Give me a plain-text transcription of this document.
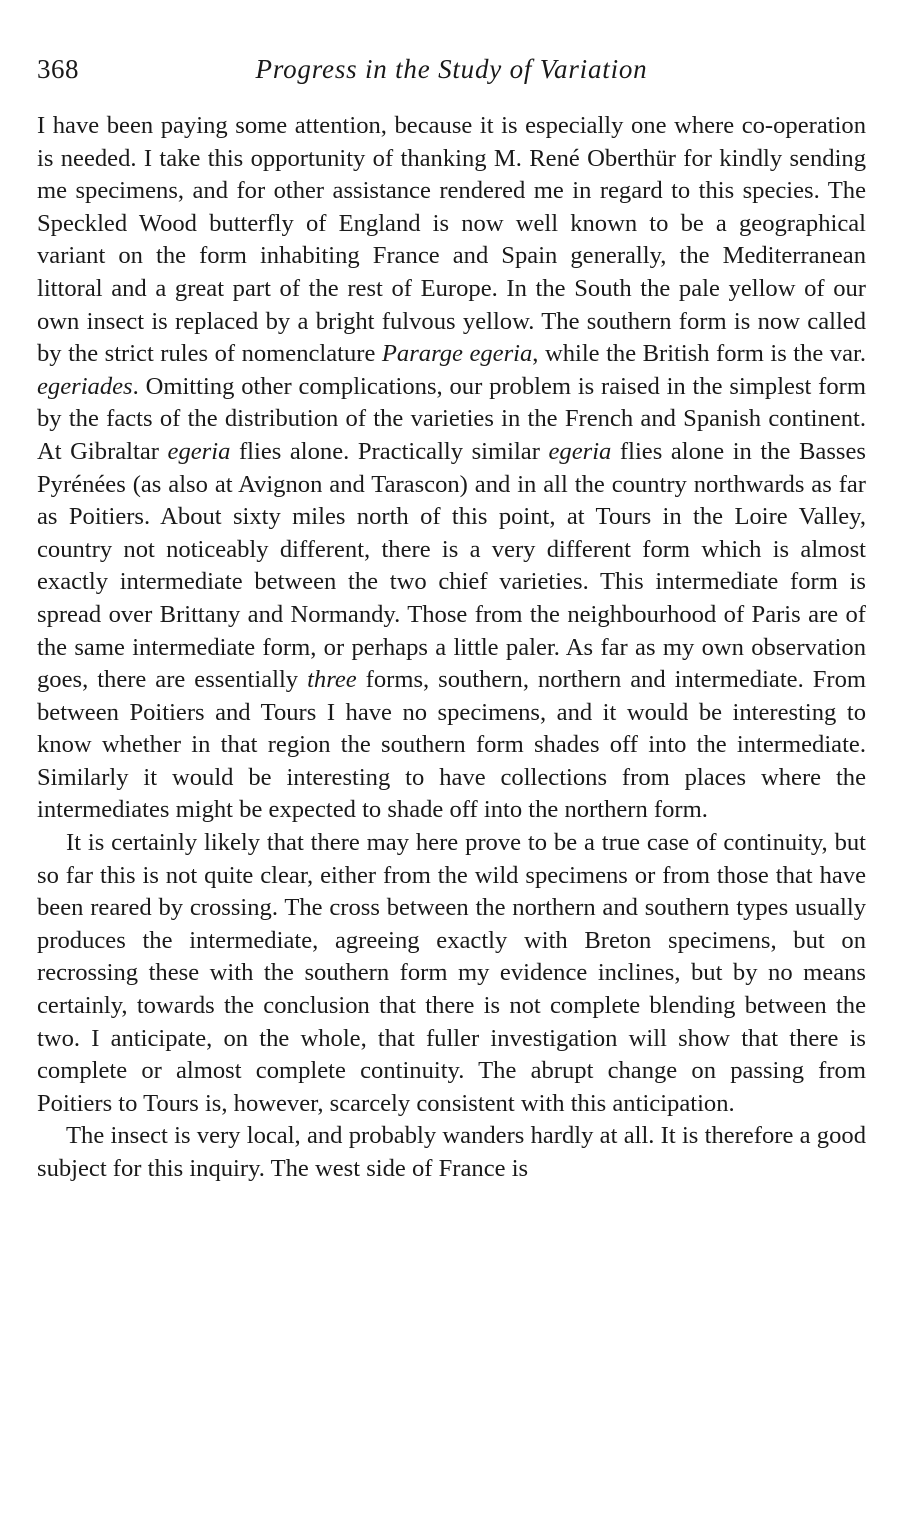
368	Progress in the Study of Variation

I have been paying some attention, because it is especially one where co-operation is needed. I take this opportunity of thanking M. René Oberthür for kindly sending me specimens, and for other assistance rendered me in regard to this species. The Speckled Wood butterfly of England is now well known to be a geographical variant on the form inhabiting France and Spain generally, the Mediterranean littoral and a great part of the rest of Europe. In the South the pale yellow of our own insect is replaced by a bright fulvous yellow. The southern form is now called by the strict rules of nomenclature Pararge egeria, while the British form is the var. egeriades. Omitting other complications, our problem is raised in the simplest form by the facts of the distribution of the varieties in the French and Spanish continent. At Gibraltar egeria flies alone. Practically similar egeria flies alone in the Basses Pyrénées (as also at Avignon and Tarascon) and in all the country northwards as far as Poitiers. About sixty miles north of this point, at Tours in the Loire Valley, country not noticeably different, there is a very different form which is almost exactly intermediate between the two chief varieties. This intermediate form is spread over Brittany and Normandy. Those from the neighbourhood of Paris are of the same intermediate form, or perhaps a little paler. As far as my own observation goes, there are essentially three forms, southern, northern and intermediate. From between Poitiers and Tours I have no specimens, and it would be interesting to know whether in that region the southern form shades off into the intermediate. Similarly it would be interesting to have collections from places where the intermediates might be expected to shade off into the northern form.

It is certainly likely that there may here prove to be a true case of continuity, but so far this is not quite clear, either from the wild specimens or from those that have been reared by crossing. The cross between the northern and southern types usually produces the intermediate, agreeing exactly with Breton specimens, but on recrossing these with the southern form my evidence inclines, but by no means certainly, towards the conclusion that there is not complete blending between the two. I anticipate, on the whole, that fuller investigation will show that there is complete or almost complete continuity. The abrupt change on passing from Poitiers to Tours is, however, scarcely consistent with this anticipation.

The insect is very local, and probably wanders hardly at all. It is therefore a good subject for this inquiry. The west side of France is
